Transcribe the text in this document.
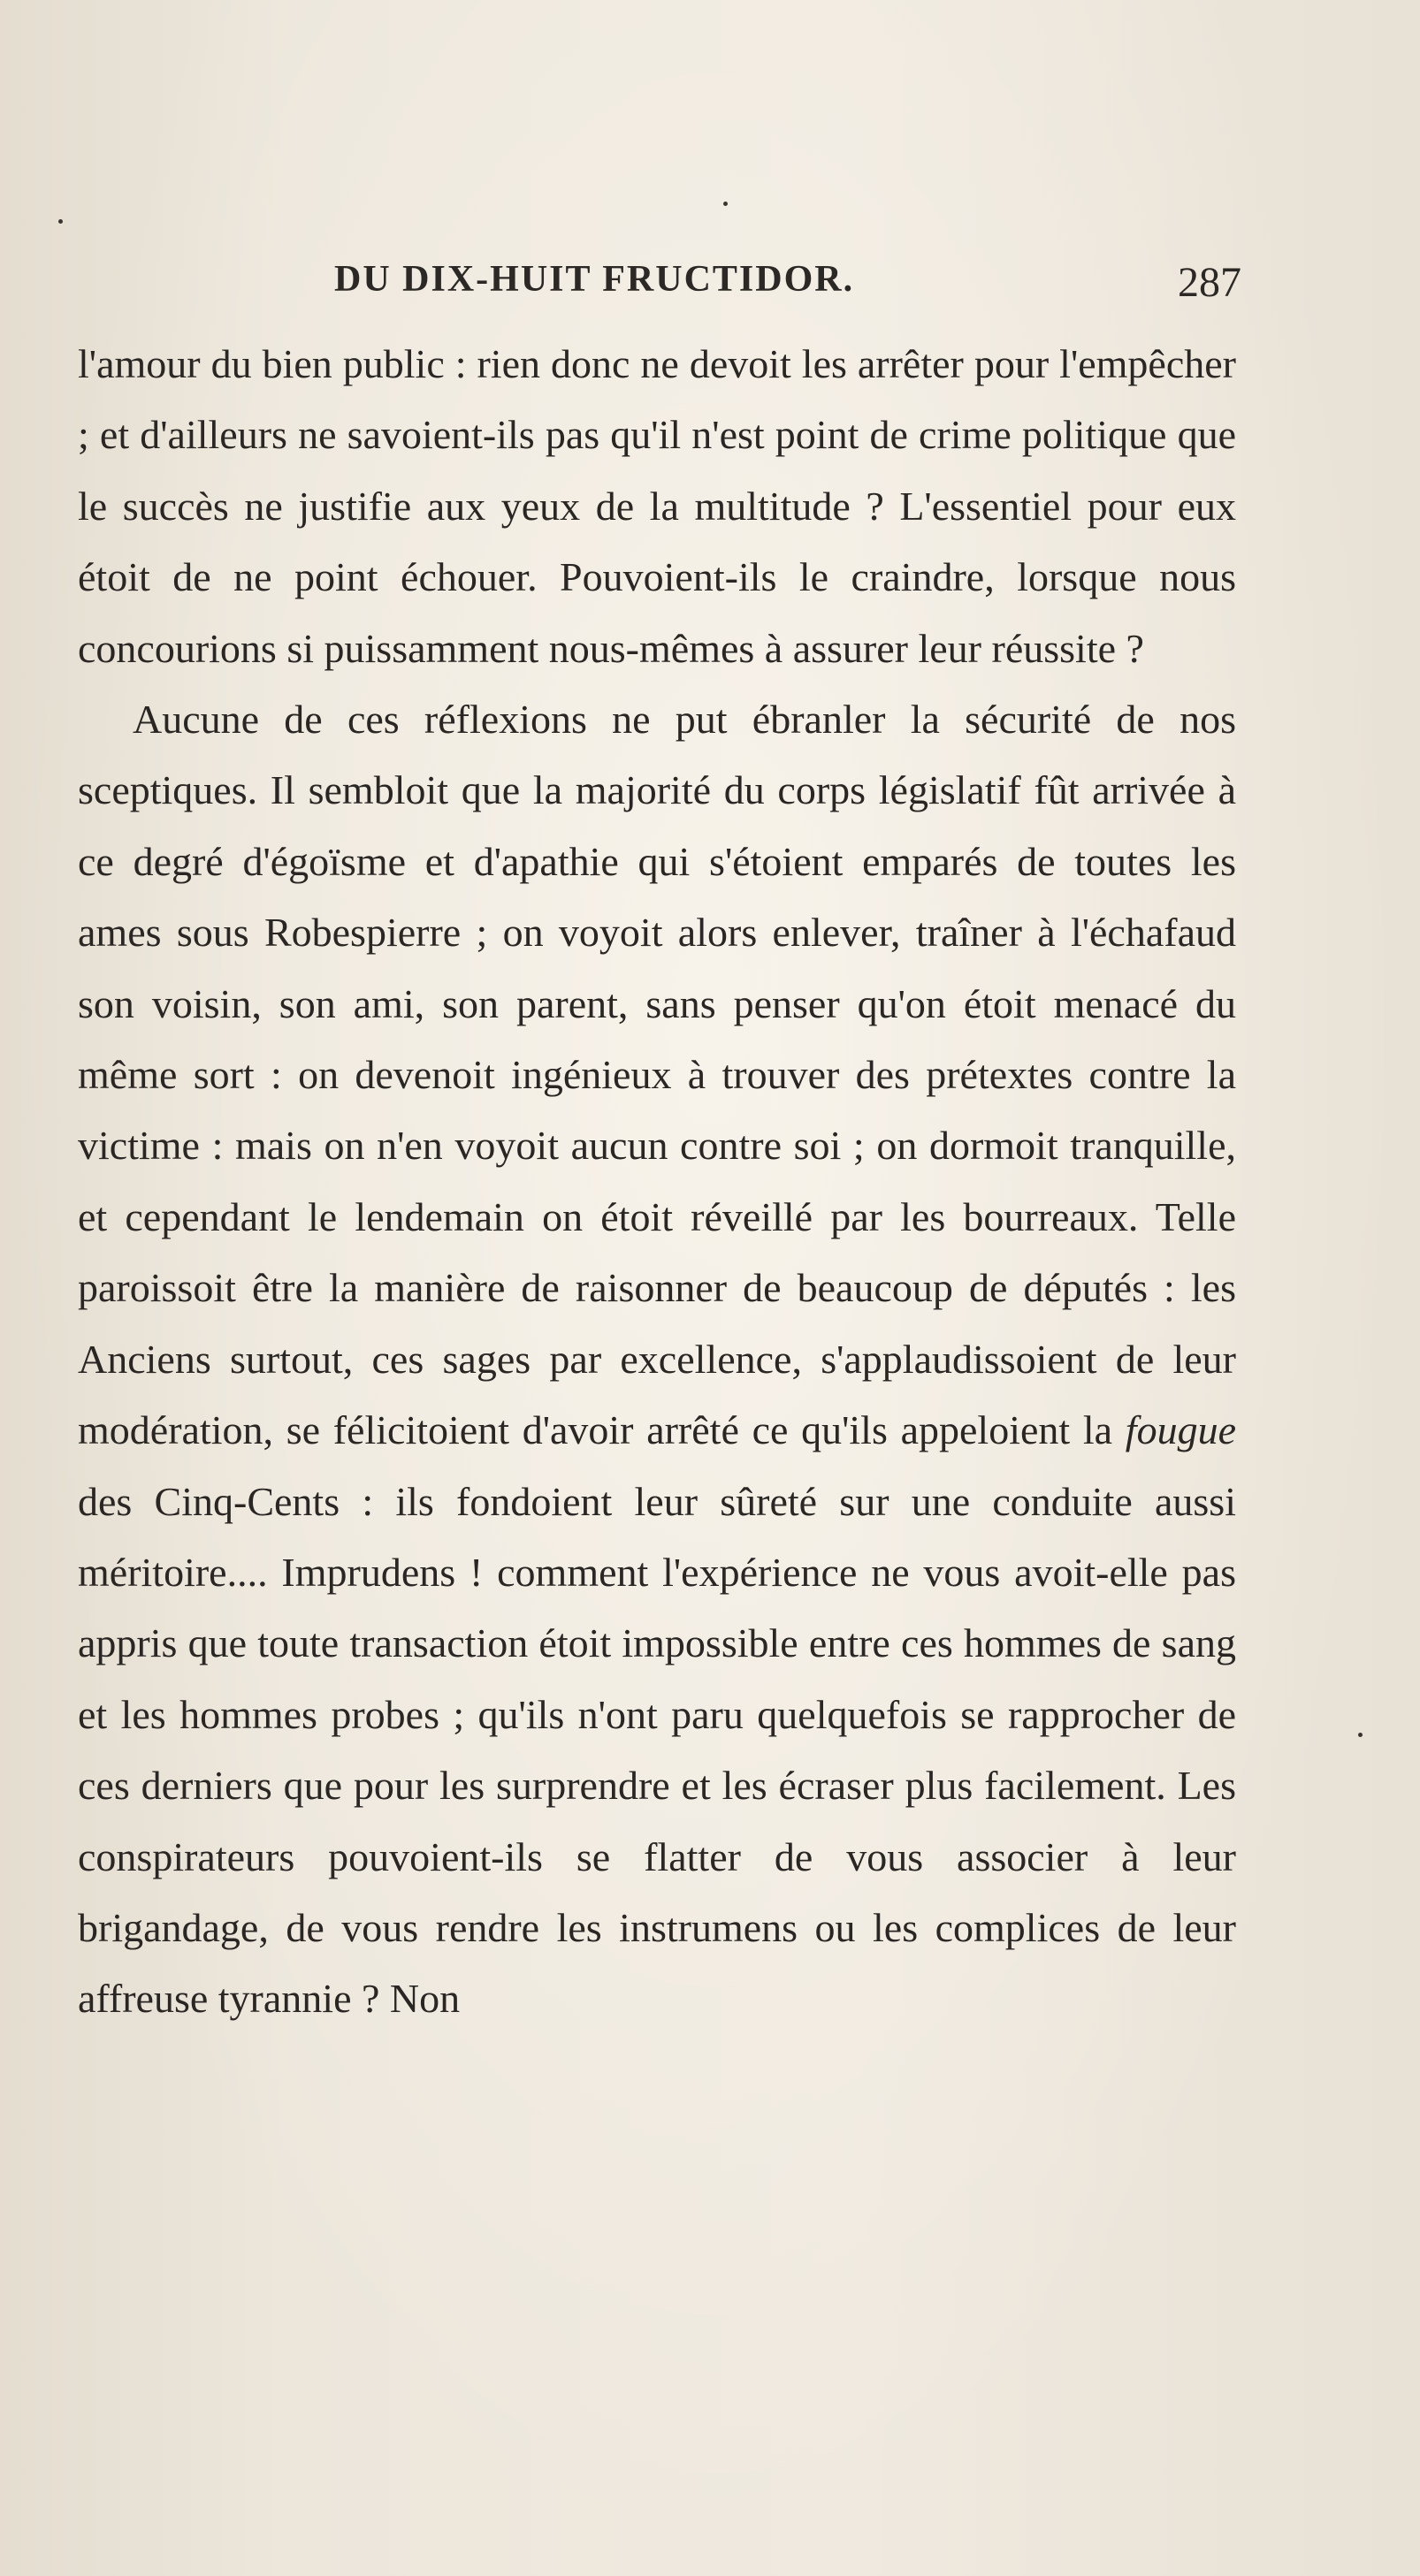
DU DIX-HUIT FRUCTIDOR.	287

l'amour du bien public : rien donc ne devoit les arrêter pour l'empêcher ; et d'ailleurs ne savoient-ils pas qu'il n'est point de crime politique que le succès ne justifie aux yeux de la multitude ? L'essentiel pour eux étoit de ne point échouer. Pouvoient-ils le craindre, lorsque nous concourions si puissamment nous-mêmes à assurer leur réussite ?

Aucune de ces réflexions ne put ébranler la sécurité de nos sceptiques. Il sembloit que la majorité du corps législatif fût arrivée à ce degré d'égoïsme et d'apathie qui s'étoient emparés de toutes les ames sous Robespierre ; on voyoit alors enlever, traîner à l'échafaud son voisin, son ami, son parent, sans penser qu'on étoit menacé du même sort : on devenoit ingénieux à trouver des prétextes contre la victime : mais on n'en voyoit aucun contre soi ; on dormoit tranquille, et cependant le lendemain on étoit réveillé par les bourreaux. Telle paroissoit être la manière de raisonner de beaucoup de députés : les Anciens surtout, ces sages par excellence, s'applaudissoient de leur modération, se félicitoient d'avoir arrêté ce qu'ils appeloient la fougue des Cinq-Cents : ils fondoient leur sûreté sur une conduite aussi méritoire.... Imprudens ! comment l'expérience ne vous avoit-elle pas appris que toute transaction étoit impossible entre ces hommes de sang et les hommes probes ; qu'ils n'ont paru quelquefois se rapprocher de ces derniers que pour les surprendre et les écraser plus facilement. Les conspirateurs pouvoient-ils se flatter de vous associer à leur brigandage, de vous rendre les instrumens ou les complices de leur affreuse tyrannie ? Non
